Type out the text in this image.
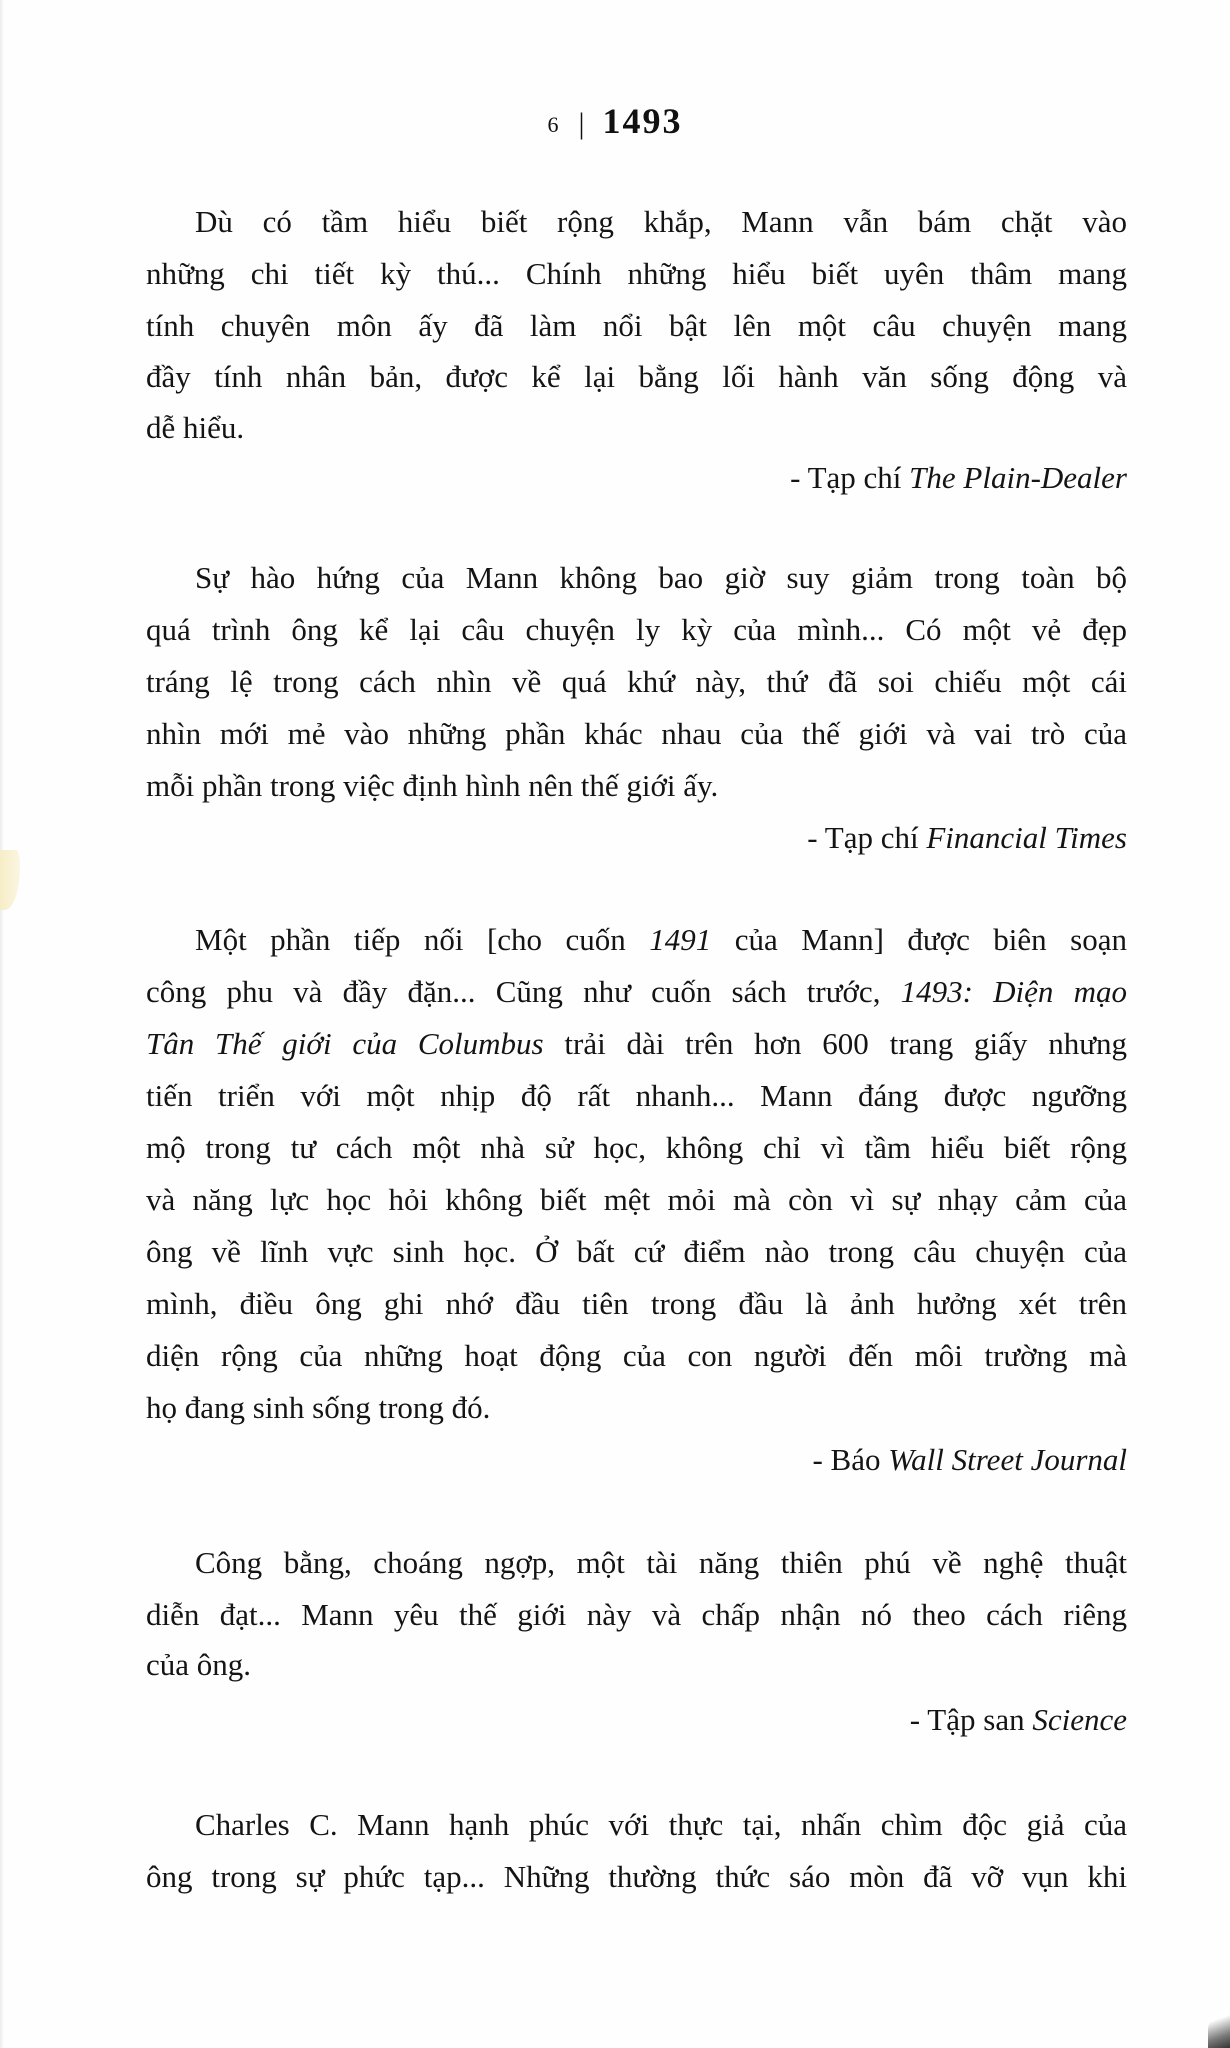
6 | 1493
Dù có tầm hiểu biết rộng khắp, Mann vẫn bám chặt vào
những chi tiết kỳ thú... Chính những hiểu biết uyên thâm mang
tính chuyên môn ấy đã làm nổi bật lên một câu chuyện mang
đầy tính nhân bản, được kể lại bằng lối hành văn sống động và
dễ hiểu.
- Tạp chí The Plain-Dealer
Sự hào hứng của Mann không bao giờ suy giảm trong toàn bộ
quá trình ông kể lại câu chuyện ly kỳ của mình... Có một vẻ đẹp
tráng lệ trong cách nhìn về quá khứ này, thứ đã soi chiếu một cái
nhìn mới mẻ vào những phần khác nhau của thế giới và vai trò của
mỗi phần trong việc định hình nên thế giới ấy.
- Tạp chí Financial Times
Một phần tiếp nối [cho cuốn 1491 của Mann] được biên soạn
công phu và đầy đặn... Cũng như cuốn sách trước, 1493: Diện mạo
Tân Thế giới của Columbus trải dài trên hơn 600 trang giấy nhưng
tiến triển với một nhịp độ rất nhanh... Mann đáng được ngưỡng
mộ trong tư cách một nhà sử học, không chỉ vì tầm hiểu biết rộng
và năng lực học hỏi không biết mệt mỏi mà còn vì sự nhạy cảm của
ông về lĩnh vực sinh học. Ở bất cứ điểm nào trong câu chuyện của
mình, điều ông ghi nhớ đầu tiên trong đầu là ảnh hưởng xét trên
diện rộng của những hoạt động của con người đến môi trường mà
họ đang sinh sống trong đó.
- Báo Wall Street Journal
Công bằng, choáng ngợp, một tài năng thiên phú về nghệ thuật
diễn đạt... Mann yêu thế giới này và chấp nhận nó theo cách riêng
của ông.
- Tập san Science
Charles C. Mann hạnh phúc với thực tại, nhấn chìm độc giả của
ông trong sự phức tạp... Những thường thức sáo mòn đã vỡ vụn khi
